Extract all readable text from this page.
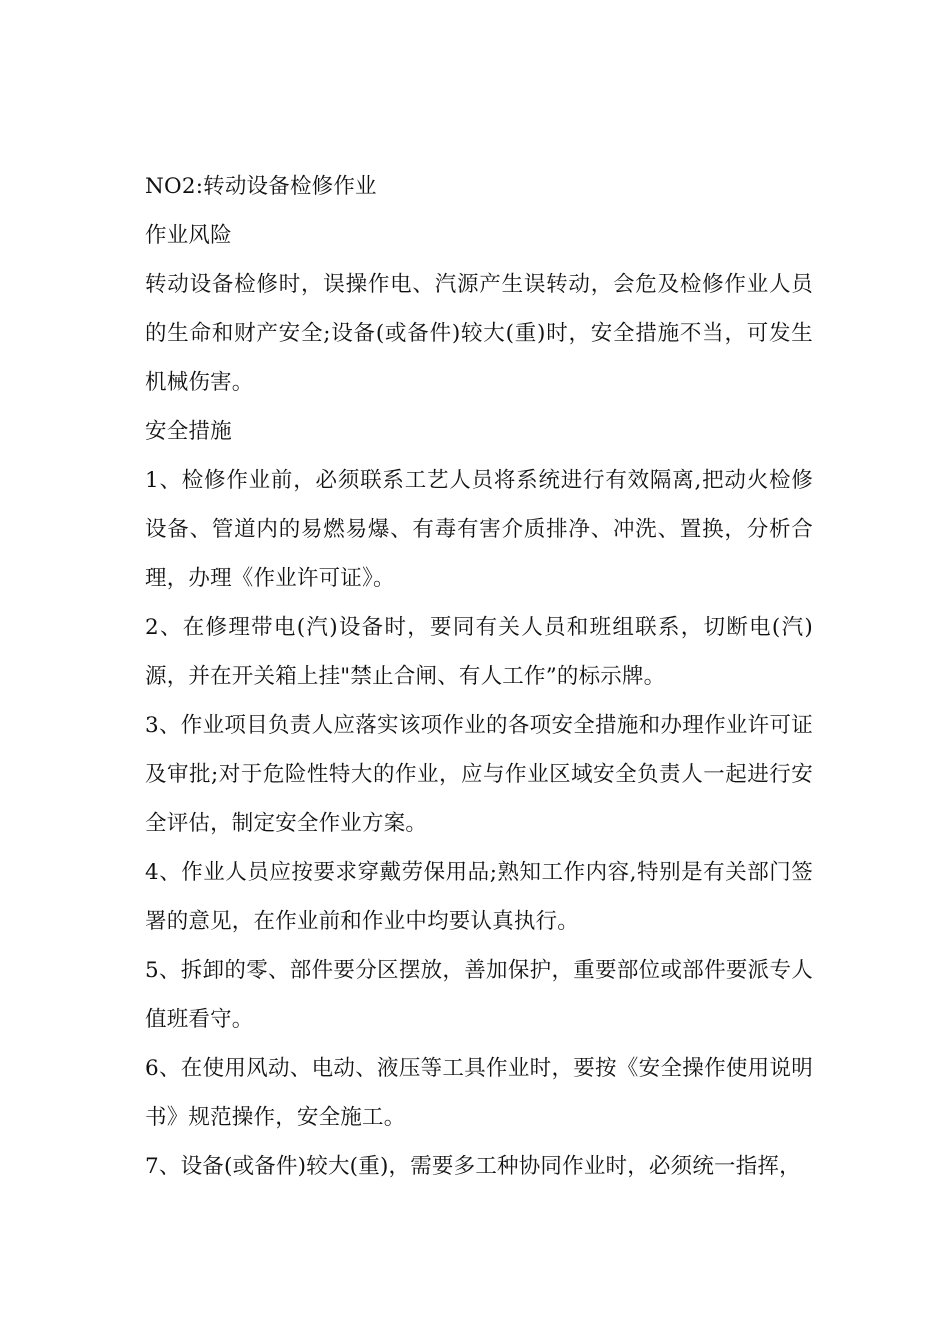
NO2:转动设备检修作业

作业风险

转动设备检修时，误操作电、汽源产生误转动，会危及检修作业人员的生命和财产安全;设备(或备件)较大(重)时，安全措施不当，可发生机械伤害。

安全措施

1、检修作业前，必须联系工艺人员将系统进行有效隔离,把动火检修设备、管道内的易燃易爆、有毒有害介质排净、冲洗、置换，分析合理，办理《作业许可证》。

2、在修理带电(汽)设备时，要同有关人员和班组联系，切断电(汽)源，并在开关箱上挂"禁止合闸、有人工作”的标示牌。

3、作业项目负责人应落实该项作业的各项安全措施和办理作业许可证及审批;对于危险性特大的作业，应与作业区域安全负责人一起进行安全评估，制定安全作业方案。

4、作业人员应按要求穿戴劳保用品;熟知工作内容,特别是有关部门签署的意见，在作业前和作业中均要认真执行。

5、拆卸的零、部件要分区摆放，善加保护，重要部位或部件要派专人值班看守。

6、在使用风动、电动、液压等工具作业时，要按《安全操作使用说明书》规范操作，安全施工。

7、设备(或备件)较大(重)，需要多工种协同作业时，必须统一指挥，
